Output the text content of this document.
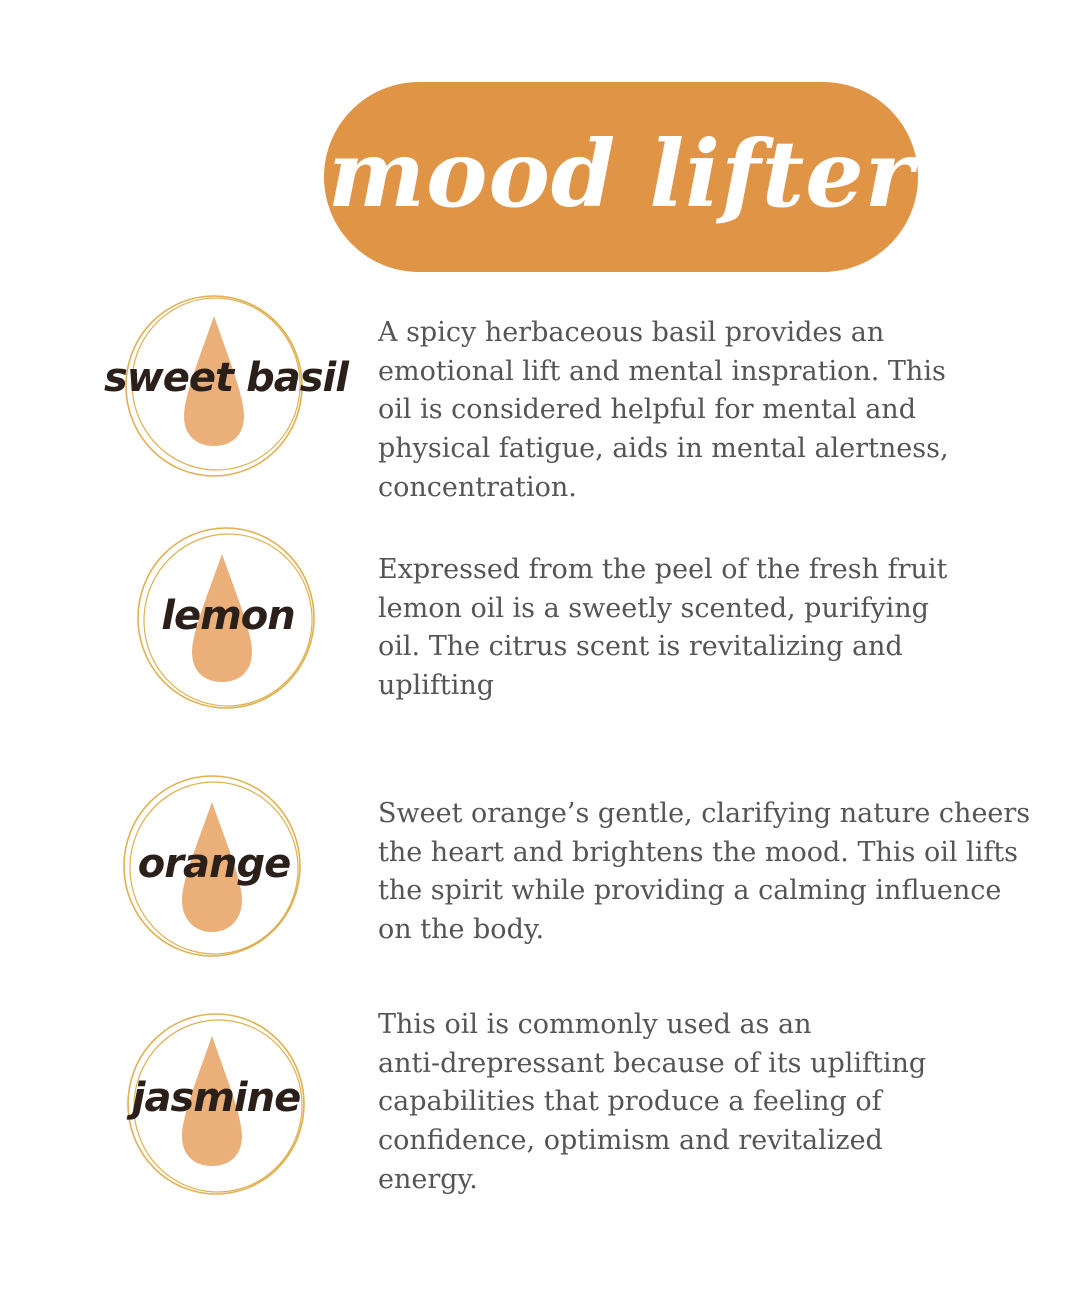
mood lifter
sweet basil

A spicy herbaceous basil provides an
emotional lift and mental inspration. This
oil is considered helpful for mental and
physical fatigue, aids in mental alertness,
concentration.

lemon

Expressed from the peel of the fresh fruit
lemon oil is a sweetly scented, purifying
oil. The citrus scent is revitalizing and
uplifting

orange

Sweet orange’s gentle, clarifying nature cheers
the heart and brightens the mood. This oil lifts
the spirit while providing a calming influence
on the body.

jasmine

This oil is commonly used as an
anti-drepressant because of its uplifting
capabilities that produce a feeling of
confidence, optimism and revitalized
energy.
